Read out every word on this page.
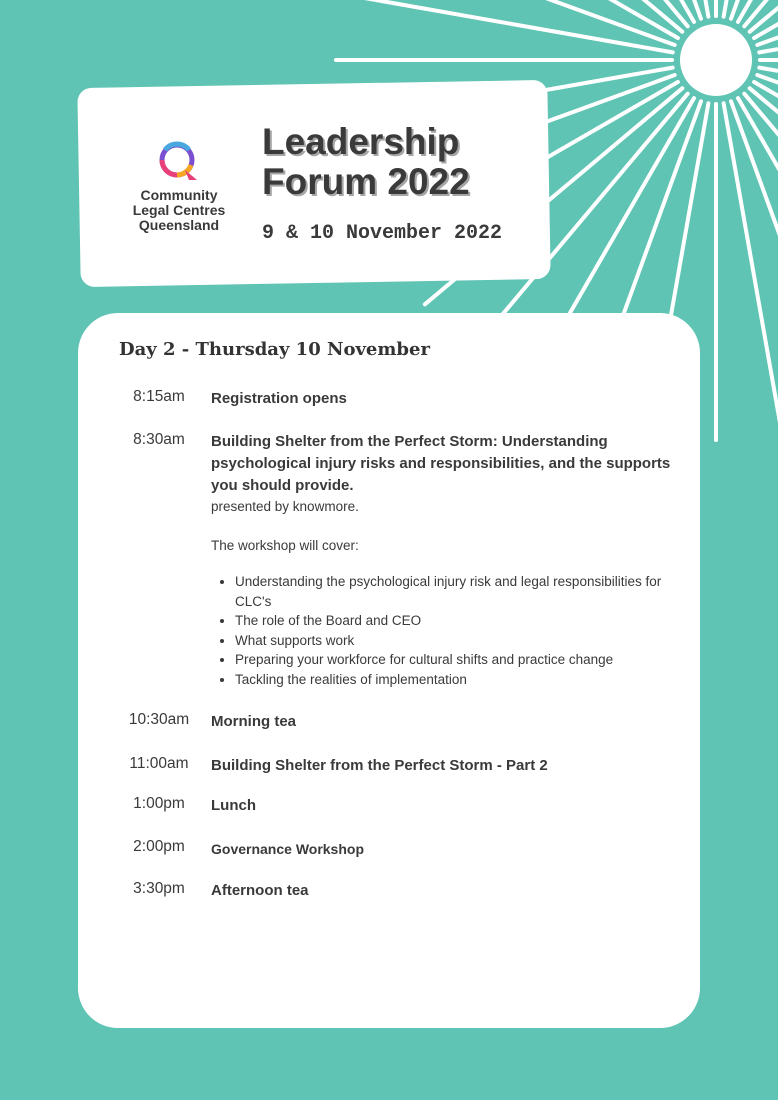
Community
Legal Centres
Queensland
Leadership
Forum 2022
9 & 10 November 2022
Day 2 - Thursday 10 November
8:15am	Registration opens
8:30am	Building Shelter from the Perfect Storm: Understanding psychological injury risks and responsibilities, and the supports you should provide.
presented by knowmore.
The workshop will cover:
• Understanding the psychological injury risk and legal responsibilities for CLC's
• The role of the Board and CEO
• What supports work
• Preparing your workforce for cultural shifts and practice change
• Tackling the realities of implementation
10:30am	Morning tea
11:00am	Building Shelter from the Perfect Storm - Part 2
1:00pm	Lunch
2:00pm	Governance Workshop
3:30pm	Afternoon tea
